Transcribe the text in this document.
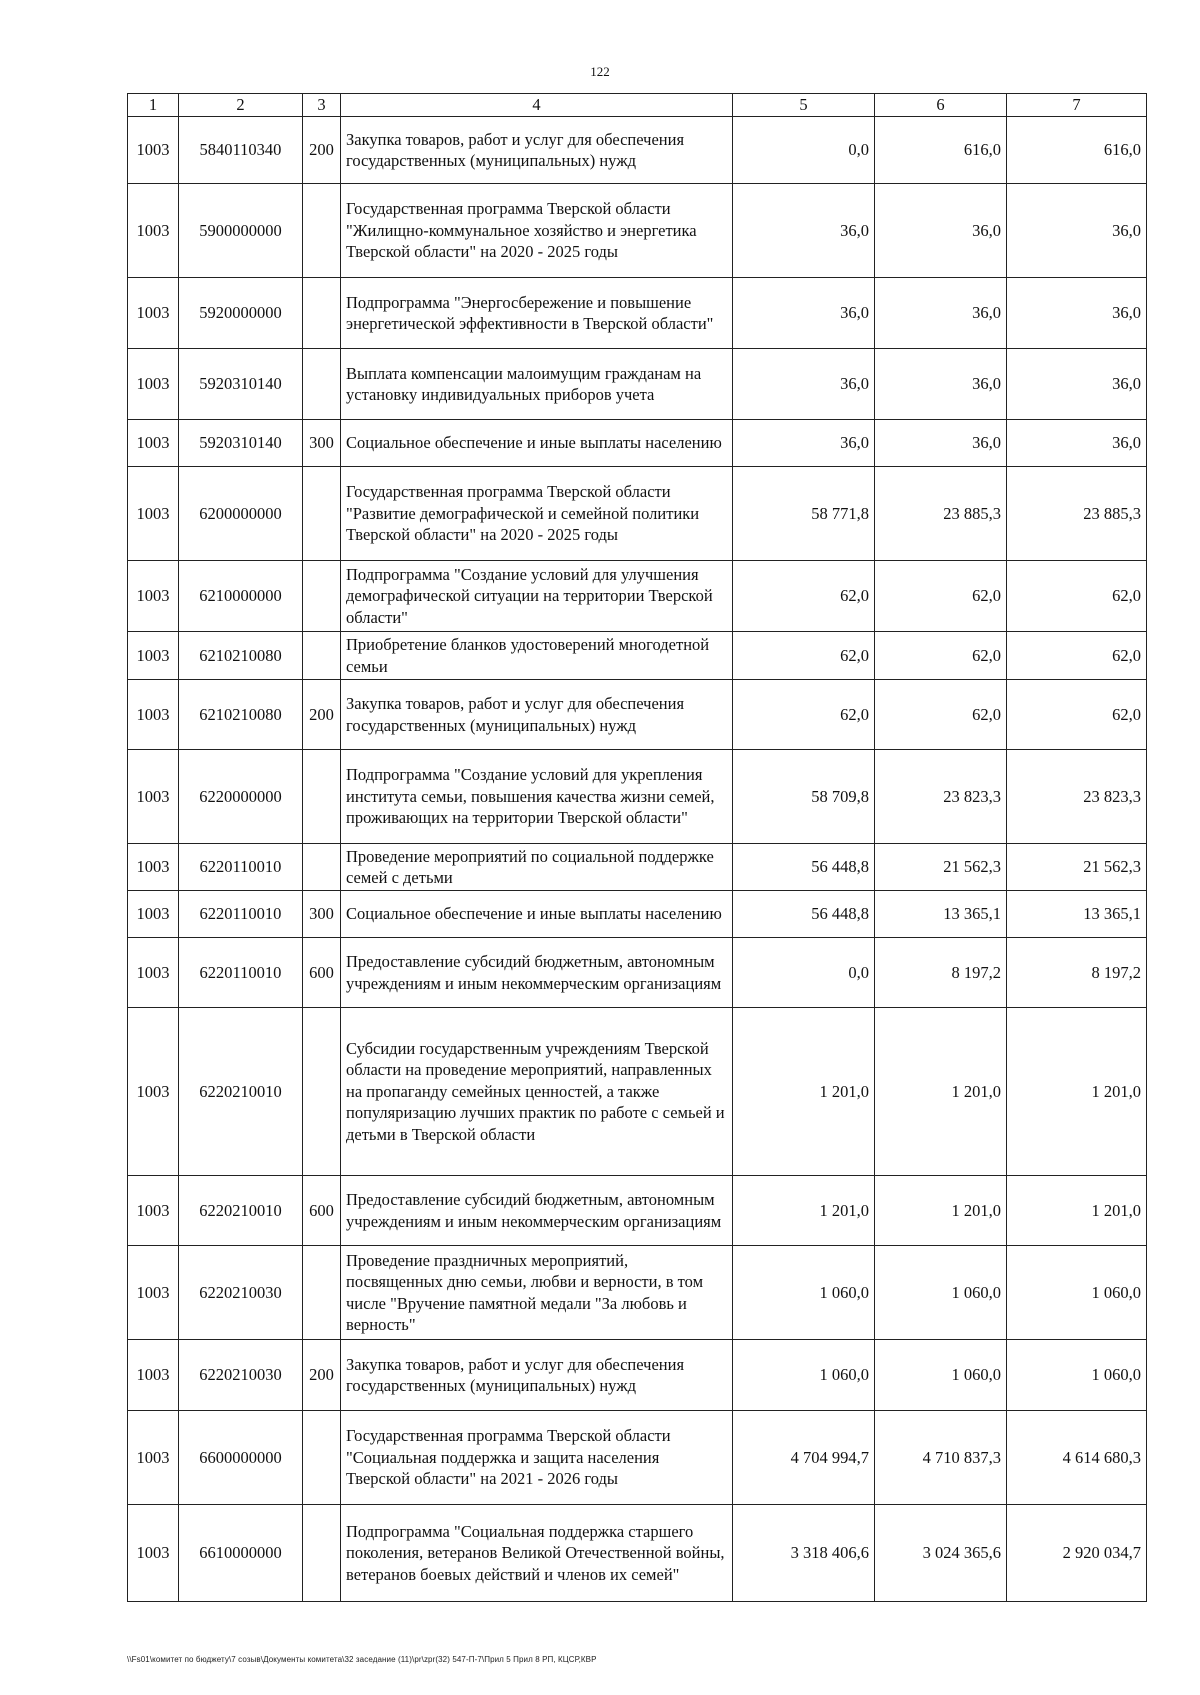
122
1	2	3	4	5	6	7
1003	5840110340	200	Закупка товаров, работ и услуг для обеспечения государственных (муниципальных) нужд	0,0	616,0	616,0
1003	5900000000		Государственная программа Тверской области "Жилищно-коммунальное хозяйство и энергетика Тверской области" на 2020 - 2025 годы	36,0	36,0	36,0
1003	5920000000		Подпрограмма "Энергосбережение и повышение энергетической эффективности в Тверской области"	36,0	36,0	36,0
1003	5920310140		Выплата компенсации малоимущим гражданам на установку индивидуальных приборов учета	36,0	36,0	36,0
1003	5920310140	300	Социальное обеспечение и иные выплаты населению	36,0	36,0	36,0
1003	6200000000		Государственная программа Тверской области "Развитие демографической и семейной политики Тверской области" на 2020 - 2025 годы	58 771,8	23 885,3	23 885,3
1003	6210000000		Подпрограмма "Создание условий для улучшения демографической ситуации на территории Тверской области"	62,0	62,0	62,0
1003	6210210080		Приобретение бланков удостоверений многодетной семьи	62,0	62,0	62,0
1003	6210210080	200	Закупка товаров, работ и услуг для обеспечения государственных (муниципальных) нужд	62,0	62,0	62,0
1003	6220000000		Подпрограмма "Создание условий для укрепления института семьи, повышения качества жизни семей, проживающих на территории Тверской области"	58 709,8	23 823,3	23 823,3
1003	6220110010		Проведение мероприятий по социальной поддержке семей с детьми	56 448,8	21 562,3	21 562,3
1003	6220110010	300	Социальное обеспечение и иные выплаты населению	56 448,8	13 365,1	13 365,1
1003	6220110010	600	Предоставление субсидий бюджетным, автономным учреждениям и иным некоммерческим организациям	0,0	8 197,2	8 197,2
1003	6220210010		Субсидии государственным учреждениям Тверской области на проведение мероприятий, направленных на пропаганду семейных ценностей, а также популяризацию лучших практик по работе с семьей и детьми в Тверской области	1 201,0	1 201,0	1 201,0
1003	6220210010	600	Предоставление субсидий бюджетным, автономным учреждениям и иным некоммерческим организациям	1 201,0	1 201,0	1 201,0
1003	6220210030		Проведение праздничных мероприятий, посвященных дню семьи, любви и верности, в том числе "Вручение памятной медали "За любовь и верность"	1 060,0	1 060,0	1 060,0
1003	6220210030	200	Закупка товаров, работ и услуг для обеспечения государственных (муниципальных) нужд	1 060,0	1 060,0	1 060,0
1003	6600000000		Государственная программа Тверской области "Социальная поддержка и защита населения Тверской области" на 2021 - 2026 годы	4 704 994,7	4 710 837,3	4 614 680,3
1003	6610000000		Подпрограмма "Социальная поддержка старшего поколения, ветеранов Великой Отечественной войны, ветеранов боевых действий и членов их семей"	3 318 406,6	3 024 365,6	2 920 034,7
\\Fs01\комитет по бюджету\7 созыв\Документы комитета\32 заседание (11)\pr\zpr(32) 547-П-7\Прил 5 Прил 8 РП, КЦСР,КВР
